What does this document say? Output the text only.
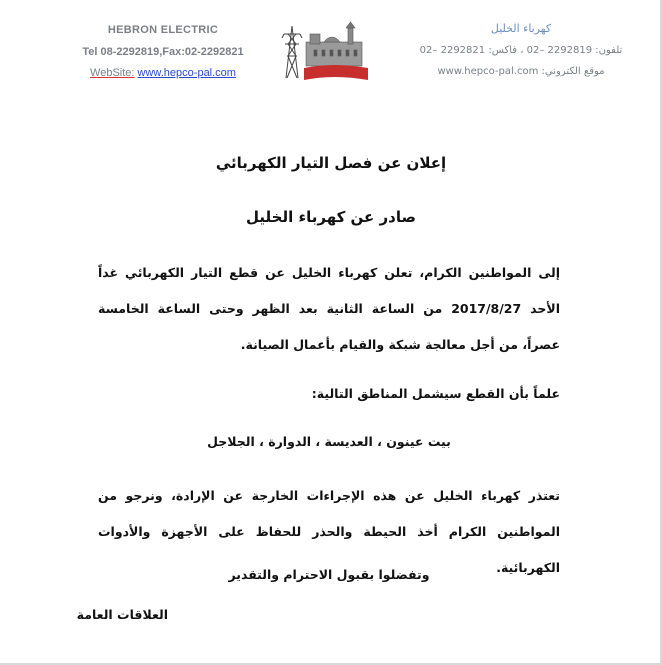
HEBRON ELECTRIC
Tel 08-2292819,Fax:02-2292821
WebSite: www.hepco-pal.com
كهرباء الخليل
تلفون: 2292819 –02 ، فاكس: 2292821 –02
موقع الكتروني: www.hepco-pal.com
إعلان عن فصل التيار الكهربائي
صادر عن كهرباء الخليل
إلى المواطنين الكرام، تعلن كهرباء الخليل عن قطع التيار الكهربائي غداً الأحد 2017/8/27 من الساعة الثانية بعد الظهر وحتى الساعة الخامسة عصراً، من أجل معالجة شبكة والقيام بأعمال الصيانة.
علماً بأن القطع سيشمل المناطق التالية:
بيت عينون ، العديسة ، الدوارة ، الجلاجل
تعتذر كهرباء الخليل عن هذه الإجراءات الخارجة عن الإرادة، ونرجو من المواطنين الكرام أخذ الحيطة والحذر للحفاظ على الأجهزة والأدوات الكهربائية.
وتفضلوا بقبول الاحترام والتقدير
العلاقات العامة
